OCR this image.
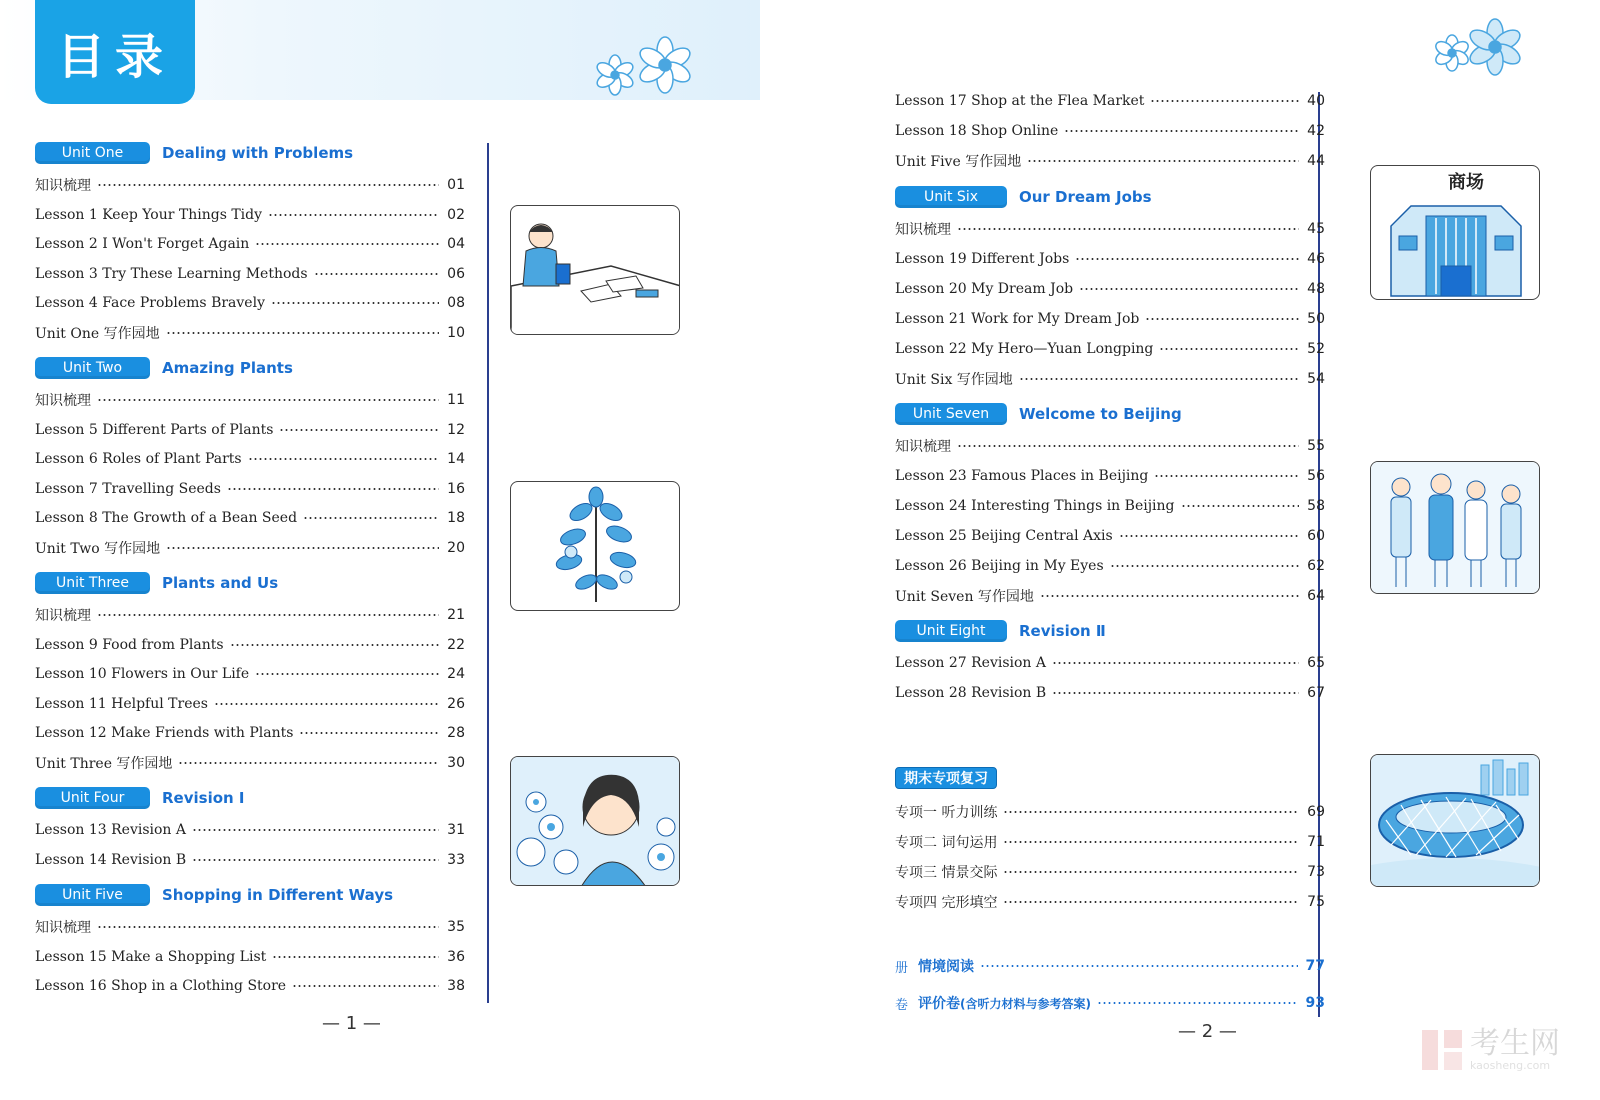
目录
Unit One	Dealing with Problems
知识梳理	01
Lesson 1 Keep Your Things Tidy	02
Lesson 2 I Won't Forget Again	04
Lesson 3 Try These Learning Methods	06
Lesson 4 Face Problems Bravely	08
Unit One 写作园地	10
Unit Two	Amazing Plants
知识梳理	11
Lesson 5 Different Parts of Plants	12
Lesson 6 Roles of Plant Parts	14
Lesson 7 Travelling Seeds	16
Lesson 8 The Growth of a Bean Seed	18
Unit Two 写作园地	20
Unit Three	Plants and Us
知识梳理	21
Lesson 9 Food from Plants	22
Lesson 10 Flowers in Our Life	24
Lesson 11 Helpful Trees	26
Lesson 12 Make Friends with Plants	28
Unit Three 写作园地	30
Unit Four	Revision Ⅰ
Lesson 13 Revision A	31
Lesson 14 Revision B	33
Unit Five	Shopping in Different Ways
知识梳理	35
Lesson 15 Make a Shopping List	36
Lesson 16 Shop in a Clothing Store	38
Lesson 17 Shop at the Flea Market	40
Lesson 18 Shop Online	42
Unit Five 写作园地	44
Unit Six	Our Dream Jobs
知识梳理	45
Lesson 19 Different Jobs	46
Lesson 20 My Dream Job	48
Lesson 21 Work for My Dream Job	50
Lesson 22 My Hero—Yuan Longping	52
Unit Six 写作园地	54
Unit Seven	Welcome to Beijing
知识梳理	55
Lesson 23 Famous Places in Beijing	56
Lesson 24 Interesting Things in Beijing	58
Lesson 25 Beijing Central Axis	60
Lesson 26 Beijing in My Eyes	62
Unit Seven 写作园地	64
Unit Eight	Revision Ⅱ
Lesson 27 Revision A	65
Lesson 28 Revision B	67
期末专项复习
专项一 听力训练	69
专项二 词句运用	71
专项三 情景交际	73
专项四 完形填空	75
册 情境阅读	77
卷 评价卷(含听力材料与参考答案)	93
商场
— 1 —	— 2 —	考生网
kaosheng.com
